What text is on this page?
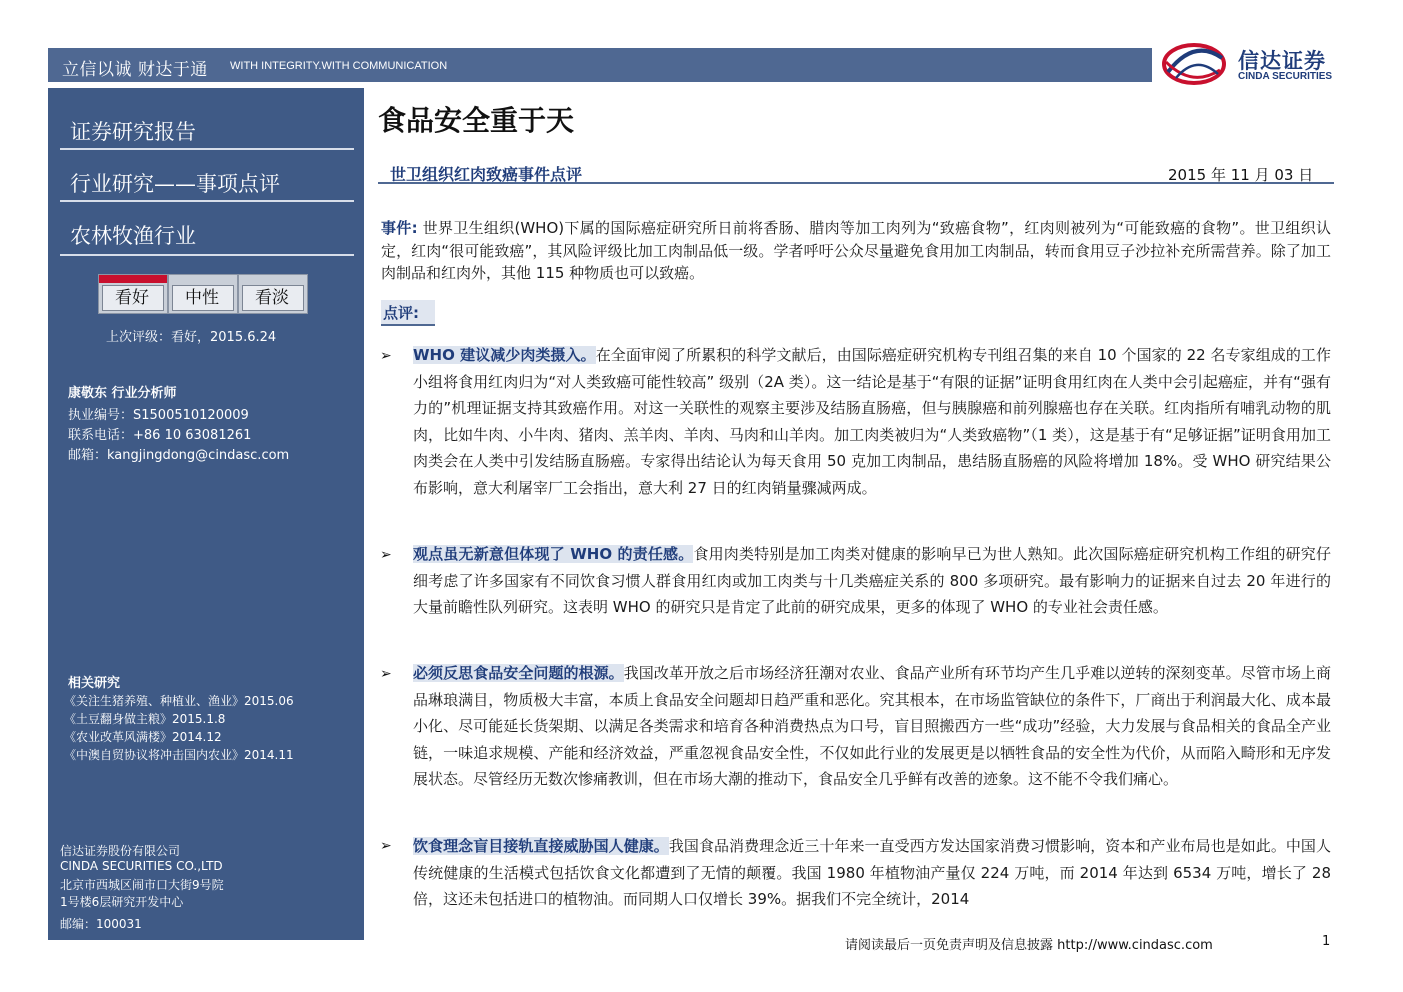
立信以诚 财达于通 WITH INTEGRITY.WITH COMMUNICATION	信达证券
CINDA SECURITIES
证券研究报告
行业研究——事项点评
农林牧渔行业
看好	中性	看淡
上次评级：看好，2015.6.24
康敬东 行业分析师
执业编号：S1500510120009
联系电话：+86 10 63081261
邮箱：kangjingdong@cindasc.com
相关研究
《关注生猪养殖、种植业、渔业》2015.06
《土豆翻身做主粮》2015.1.8
《农业改革风满楼》2014.12
《中澳自贸协议将冲击国内农业》2014.11
信达证券股份有限公司
CINDA SECURITIES CO.,LTD
北京市西城区闹市口大街9号院
1号楼6层研究开发中心
邮编：100031
食品安全重于天
世卫组织红肉致癌事件点评	2015 年 11 月 03 日
事件: 世界卫生组织(WHO)下属的国际癌症研究所日前将香肠、腊肉等加工肉列为“致癌食物”，红肉则被列为“可能致癌的食物”。世卫组织认定，红肉“很可能致癌”，其风险评级比加工肉制品低一级。学者呼吁公众尽量避免食用加工肉制品，转而食用豆子沙拉补充所需营养。除了加工肉制品和红肉外，其他 115 种物质也可以致癌。
点评:
➢ WHO 建议减少肉类摄入。在全面审阅了所累积的科学文献后，由国际癌症研究机构专刊组召集的来自 10 个国家的 22 名专家组成的工作小组将食用红肉归为“对人类致癌可能性较高” 级别（2A 类）。这一结论是基于“有限的证据”证明食用红肉在人类中会引起癌症，并有“强有力的”机理证据支持其致癌作用。对这一关联性的观察主要涉及结肠直肠癌，但与胰腺癌和前列腺癌也存在关联。红肉指所有哺乳动物的肌肉，比如牛肉、小牛肉、猪肉、羔羊肉、羊肉、马肉和山羊肉。加工肉类被归为“人类致癌物”（1 类），这是基于有“足够证据”证明食用加工肉类会在人类中引发结肠直肠癌。专家得出结论认为每天食用 50 克加工肉制品，患结肠直肠癌的风险将增加 18%。受 WHO 研究结果公布影响，意大利屠宰厂工会指出，意大利 27 日的红肉销量骤减两成。
➢ 观点虽无新意但体现了 WHO 的责任感。食用肉类特别是加工肉类对健康的影响早已为世人熟知。此次国际癌症研究机构工作组的研究仔细考虑了许多国家有不同饮食习惯人群食用红肉或加工肉类与十几类癌症关系的 800 多项研究。最有影响力的证据来自过去 20 年进行的大量前瞻性队列研究。这表明 WHO 的研究只是肯定了此前的研究成果，更多的体现了 WHO 的专业社会责任感。
➢ 必须反思食品安全问题的根源。我国改革开放之后市场经济狂潮对农业、食品产业所有环节均产生几乎难以逆转的深刻变革。尽管市场上商品琳琅满目，物质极大丰富，本质上食品安全问题却日趋严重和恶化。究其根本，在市场监管缺位的条件下，厂商出于利润最大化、成本最小化、尽可能延长货架期、以满足各类需求和培育各种消费热点为口号，盲目照搬西方一些“成功”经验，大力发展与食品相关的食品全产业链，一味追求规模、产能和经济效益，严重忽视食品安全性，不仅如此行业的发展更是以牺牲食品的安全性为代价，从而陷入畸形和无序发展状态。尽管经历无数次惨痛教训，但在市场大潮的推动下，食品安全几乎鲜有改善的迹象。这不能不令我们痛心。
➢ 饮食理念盲目接轨直接威胁国人健康。我国食品消费理念近三十年来一直受西方发达国家消费习惯影响，资本和产业布局也是如此。中国人传统健康的生活模式包括饮食文化都遭到了无情的颠覆。我国 1980 年植物油产量仅 224 万吨，而 2014 年达到 6534 万吨，增长了 28 倍，这还未包括进口的植物油。而同期人口仅增长 39%。据我们不完全统计，2014
请阅读最后一页免责声明及信息披露 http://www.cindasc.com	1
